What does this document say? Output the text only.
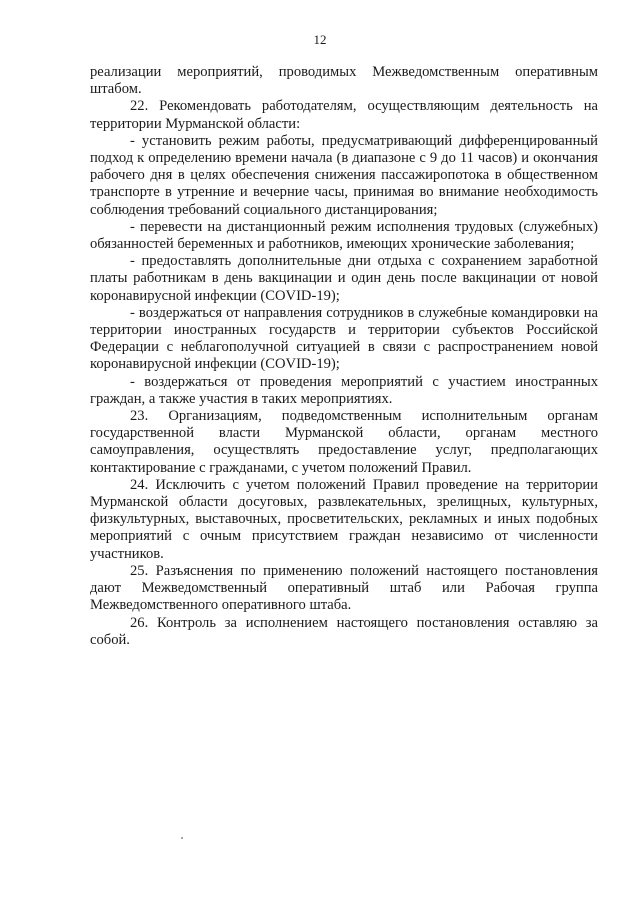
12

реализации мероприятий, проводимых Межведомственным оперативным штабом.

22. Рекомендовать работодателям, осуществляющим деятельность на территории Мурманской области:

- установить режим работы, предусматривающий дифференцированный подход к определению времени начала (в диапазоне с 9 до 11 часов) и окончания рабочего дня в целях обеспечения снижения пассажиропотока в общественном транспорте в утренние и вечерние часы, принимая во внимание необходимость соблюдения требований социального дистанцирования;

- перевести на дистанционный режим исполнения трудовых (служебных) обязанностей беременных и работников, имеющих хронические заболевания;

- предоставлять дополнительные дни отдыха с сохранением заработной платы работникам в день вакцинации и один день после вакцинации от новой коронавирусной инфекции (COVID-19);

- воздержаться от направления сотрудников в служебные командировки на территории иностранных государств и территории субъектов Российской Федерации с неблагополучной ситуацией в связи с распространением новой коронавирусной инфекции (COVID-19);

- воздержаться от проведения мероприятий с участием иностранных граждан, а также участия в таких мероприятиях.

23. Организациям, подведомственным исполнительным органам государственной власти Мурманской области, органам местного самоуправления, осуществлять предоставление услуг, предполагающих контактирование с гражданами, с учетом положений Правил.

24. Исключить с учетом положений Правил проведение на территории Мурманской области досуговых, развлекательных, зрелищных, культурных, физкультурных, выставочных, просветительских, рекламных и иных подобных мероприятий с очным присутствием граждан независимо от численности участников.

25. Разъяснения по применению положений настоящего постановления дают Межведомственный оперативный штаб или Рабочая группа Межведомственного оперативного штаба.

26. Контроль за исполнением настоящего постановления оставляю за собой.
